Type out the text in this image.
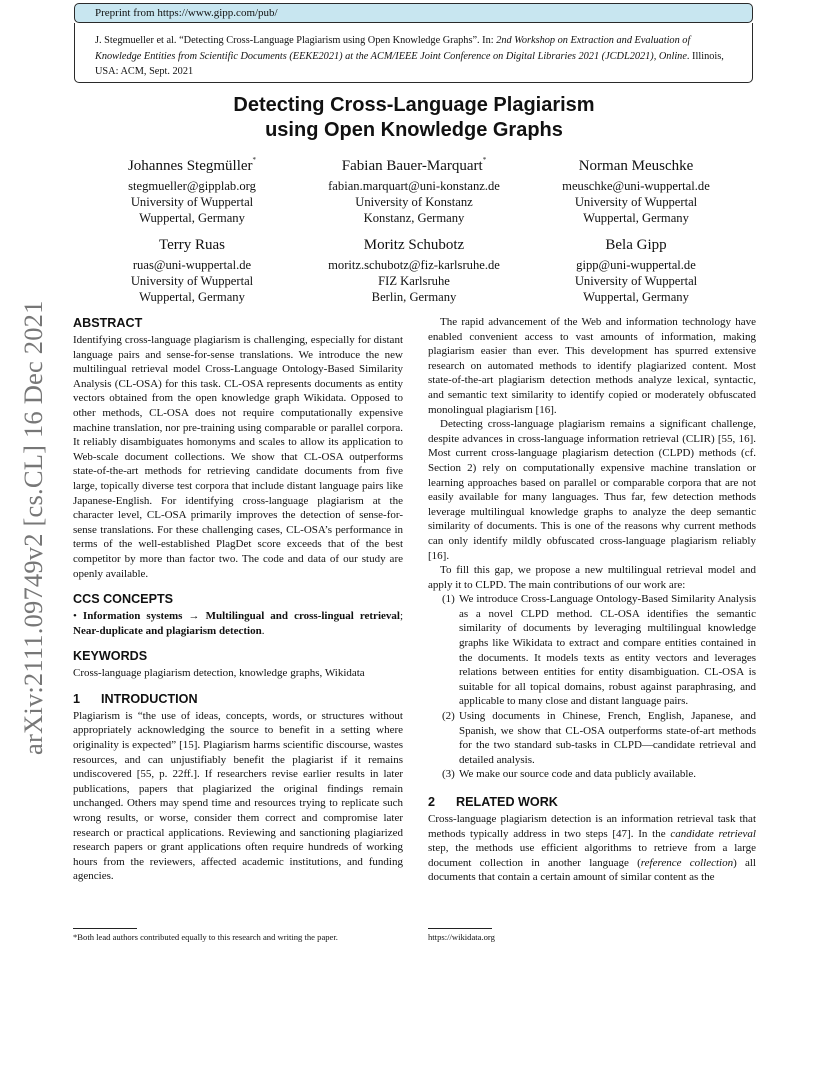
Preprint from https://www.gipp.com/pub/
J. Stegmueller et al. “Detecting Cross-Language Plagiarism using Open Knowledge Graphs”. In: 2nd Workshop on Extraction and Evaluation of Knowledge Entities from Scientific Documents (EEKE2021) at the ACM/IEEE Joint Conference on Digital Libraries 2021 (JCDL2021), Online. Illinois, USA: ACM, Sept. 2021
Detecting Cross-Language Plagiarism
using Open Knowledge Graphs
Johannes Stegmüller*
stegmueller@gipplab.org
University of Wuppertal
Wuppertal, Germany
Fabian Bauer-Marquart*
fabian.marquart@uni-konstanz.de
University of Konstanz
Konstanz, Germany
Norman Meuschke
meuschke@uni-wuppertal.de
University of Wuppertal
Wuppertal, Germany
Terry Ruas
ruas@uni-wuppertal.de
University of Wuppertal
Wuppertal, Germany
Moritz Schubotz
moritz.schubotz@fiz-karlsruhe.de
FIZ Karlsruhe
Berlin, Germany
Bela Gipp
gipp@uni-wuppertal.de
University of Wuppertal
Wuppertal, Germany
arXiv:2111.09749v2 [cs.CL] 16 Dec 2021	ABSTRACT

Identifying cross-language plagiarism is challenging, especially for distant language pairs and sense-for-sense translations. We introduce the new multilingual retrieval model Cross-Language Ontology-Based Similarity Analysis (CL-OSA) for this task. CL-OSA represents documents as entity vectors obtained from the open knowledge graph Wikidata. Opposed to other methods, CL-OSA does not require computationally expensive machine translation, nor pre-training using comparable or parallel corpora. It reliably disambiguates homonyms and scales to allow its application to Web-scale document collections. We show that CL-OSA outperforms state-of-the-art methods for retrieving candidate documents from five large, topically diverse test corpora that include distant language pairs like Japanese-English. For identifying cross-language plagiarism at the character level, CL-OSA primarily improves the detection of sense-for-sense translations. For these challenging cases, CL-OSA’s performance in terms of the well-established PlagDet score exceeds that of the best competitor by more than factor two. The code and data of our study are openly available.

CCS CONCEPTS

• Information systems → Multilingual and cross-lingual retrieval; Near-duplicate and plagiarism detection.

KEYWORDS

Cross-language plagiarism detection, knowledge graphs, Wikidata

1 INTRODUCTION

Plagiarism is “the use of ideas, concepts, words, or structures without appropriately acknowledging the source to benefit in a setting where originality is expected” [15]. Plagiarism harms scientific discourse, wastes resources, and can unjustifiably benefit the plagiarist if it remains undiscovered [55, p. 22ff.]. If researchers revise earlier results in later publications, papers that plagiarized the original findings remain unchanged. Others may spend time and resources trying to replicate such wrong results, or worse, consider them correct and compromise later research or practical applications. Reviewing and sanctioning plagiarized research papers or grant applications often require hundreds of working hours from the reviewers, affected academic institutions, and funding agencies.

*Both lead authors contributed equally to this research and writing the paper.

The rapid advancement of the Web and information technology have enabled convenient access to vast amounts of information, making plagiarism easier than ever. This development has spurred extensive research on automated methods to identify plagiarized content. Most state-of-the-art plagiarism detection methods analyze lexical, syntactic, and semantic text similarity to identify copied or moderately obfuscated monolingual plagiarism [16].

Detecting cross-language plagiarism remains a significant challenge, despite advances in cross-language information retrieval (CLIR) [55, 16]. Most current cross-language plagiarism detection (CLPD) methods (cf. Section 2) rely on computationally expensive machine translation or learning approaches based on parallel or comparable corpora that are not easily available for many languages. Thus far, few detection methods leverage multilingual knowledge graphs to analyze the deep semantic similarity of documents. This is one of the reasons why current methods can only identify mildly obfuscated cross-language plagiarism reliably [16].

To fill this gap, we propose a new multilingual retrieval model and apply it to CLPD. The main contributions of our work are:

(1) We introduce Cross-Language Ontology-Based Similarity Analysis as a novel CLPD method. CL-OSA identifies the semantic similarity of documents by leveraging multilingual knowledge graphs like Wikidata to extract and compare entities contained in the documents. It models texts as entity vectors and leverages relations between entities for entity disambiguation. CL-OSA is suitable for all topical domains, robust against paraphrasing, and applicable to many close and distant language pairs.
(2) Using documents in Chinese, French, English, Japanese, and Spanish, we show that CL-OSA outperforms state-of-art methods for the two standard sub-tasks in CLPD—candidate retrieval and detailed analysis.
(3) We make our source code and data publicly available.
2 RELATED WORK

Cross-language plagiarism detection is an information retrieval task that methods typically address in two steps [47]. In the candidate retrieval step, the methods use efficient algorithms to retrieve from a large document collection in another language (reference collection) all documents that contain a certain amount of similar content as the

https://wikidata.org
